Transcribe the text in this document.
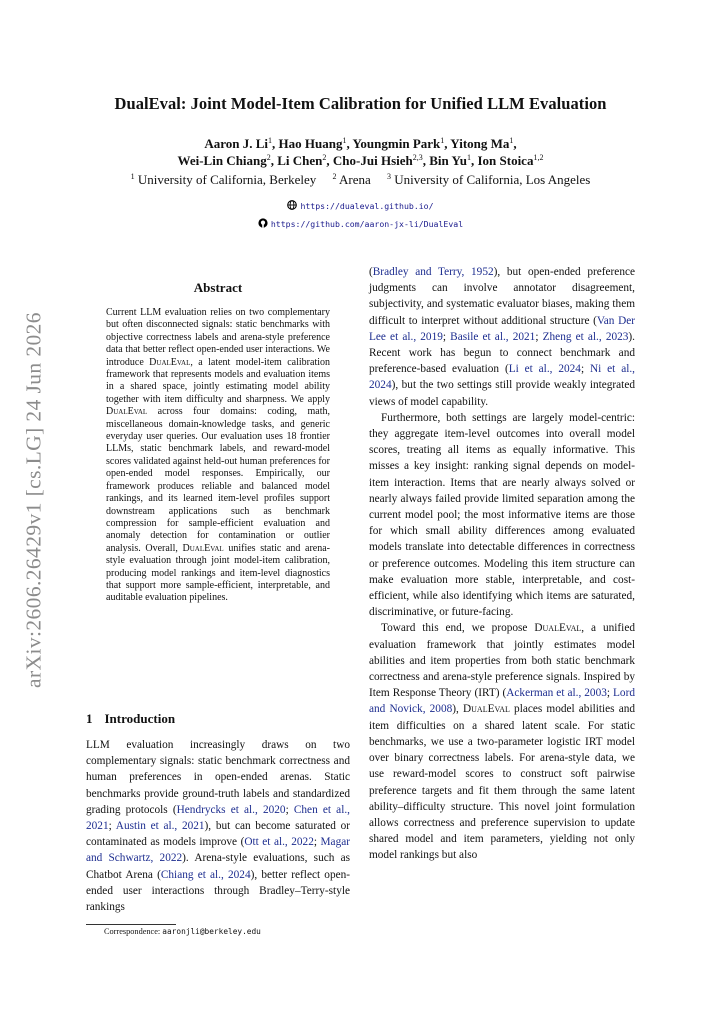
arXiv:2606.26429v1 [cs.LG] 24 Jun 2026
DualEval: Joint Model-Item Calibration for Unified LLM Evaluation
Aaron J. Li$^1$, Hao Huang$^1$, Youngmin Park$^1$, Yitong Ma$^1$,
Wei-Lin Chiang$^2$, Li Chen$^2$, Cho-Jui Hsieh$^{2,3}$, Bin Yu$^1$, Ion Stoica$^{1,2}$
$^1$ University of California, Berkeley $^2$ Arena $^3$ University of California, Los Angeles
https://dualeval.github.io/
https://github.com/aaron-jx-li/DualEval
Abstract
Current LLM evaluation relies on two complementary but often disconnected signals: static benchmarks with objective correctness labels and arena-style preference data that better reflect open-ended user interactions. We introduce DualEval, a latent model-item calibration framework that represents models and evaluation items in a shared space, jointly estimating model ability together with item difficulty and sharpness. We apply DualEval across four domains: coding, math, miscellaneous domain-knowledge tasks, and generic everyday user queries. Our evaluation uses 18 frontier LLMs, static benchmark labels, and reward-model scores validated against held-out human preferences for open-ended model responses. Empirically, our framework produces reliable and balanced model rankings, and its learned item-level profiles support downstream applications such as benchmark compression for sample-efficient evaluation and anomaly detection for contamination or outlier analysis. Overall, DualEval unifies static and arena-style evaluation through joint model-item calibration, producing model rankings and item-level diagnostics that support more sample-efficient, interpretable, and auditable evaluation pipelines.
1 Introduction
LLM evaluation increasingly draws on two complementary signals: static benchmark correctness and human preferences in open-ended arenas. Static benchmarks provide ground-truth labels and standardized grading protocols (Hendrycks et al., 2020; Chen et al., 2021; Austin et al., 2021), but can become saturated or contaminated as models improve (Ott et al., 2022; Magar and Schwartz, 2022). Arena-style evaluations, such as Chatbot Arena (Chiang et al., 2024), better reflect open-ended user interactions through Bradley–Terry-style rankings

(Bradley and Terry, 1952), but open-ended preference judgments can involve annotator disagreement, subjectivity, and systematic evaluator biases, making them difficult to interpret without additional structure (Van Der Lee et al., 2019; Basile et al., 2021; Zheng et al., 2023). Recent work has begun to connect benchmark and preference-based evaluation (Li et al., 2024; Ni et al., 2024), but the two settings still provide weakly integrated views of model capability.

Furthermore, both settings are largely model-centric: they aggregate item-level outcomes into overall model scores, treating all items as equally informative. This misses a key insight: ranking signal depends on model-item interaction. Items that are nearly always solved or nearly always failed provide limited separation among the current model pool; the most informative items are those for which small ability differences among evaluated models translate into detectable differences in correctness or preference outcomes. Modeling this item structure can make evaluation more stable, interpretable, and cost-efficient, while also identifying which items are saturated, discriminative, or future-facing.

Toward this end, we propose DualEval, a unified evaluation framework that jointly estimates model abilities and item properties from both static benchmark correctness and arena-style preference signals. Inspired by Item Response Theory (IRT) (Ackerman et al., 2003; Lord and Novick, 2008), DualEval places model abilities and item difficulties on a shared latent scale. For static benchmarks, we use a two-parameter logistic IRT model over binary correctness labels. For arena-style data, we use reward-model scores to construct soft pairwise preference targets and fit them through the same latent ability–difficulty structure. This novel joint formulation allows correctness and preference supervision to update shared model and item parameters, yielding not only model rankings but also

Correspondence: aaronjli@berkeley.edu
